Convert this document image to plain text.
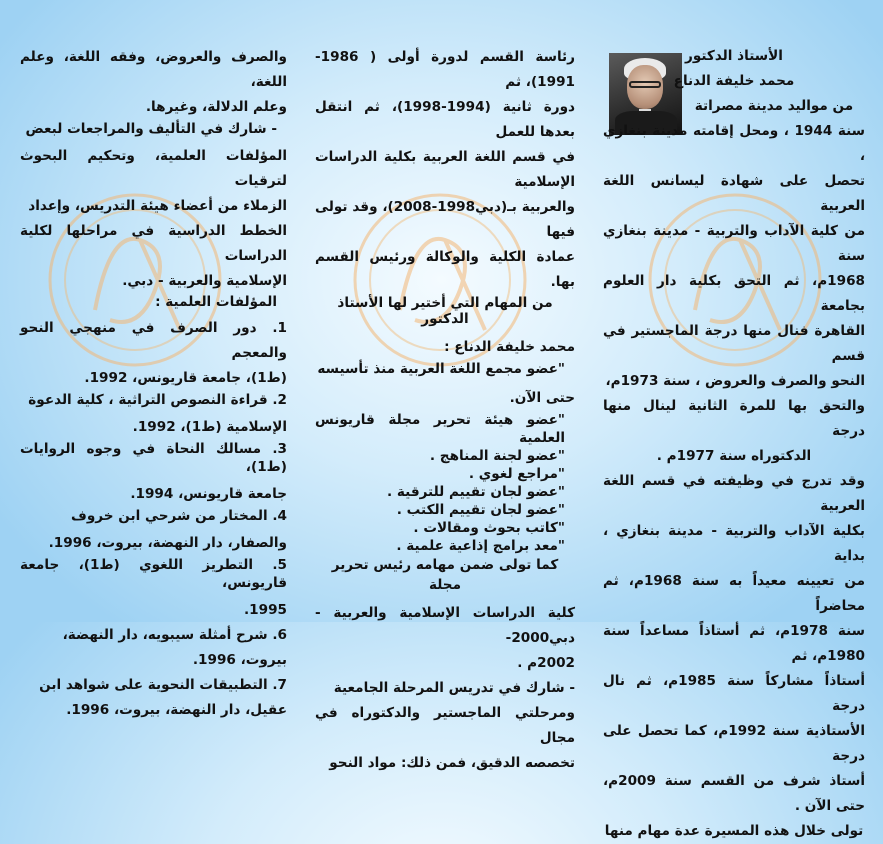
الأستاذ الدكتور

محمد خليفة الدناع

من مواليد مدينة مصراتة

سنة 1944 ، ومحل إقامته مدينة بنغازي ،

تحصل على شهادة ليسانس اللغة العربية

من كلية الآداب والتربية - مدينة بنغازي سنة

1968م، ثم التحق بكلية دار العلوم بجامعة

القاهرة فنال منها درجة الماجستير في قسم

النحو والصرف والعروض ، سنة 1973م،

والتحق بها للمرة الثانية لينال منها درجة

الدكتوراه سنة 1977م .

وقد تدرج في وظيفته في قسم اللغة العربية

بكلية الآداب والتربية - مدينة بنغازي ، بداية

من تعيينه معيداً به سنة 1968م، ثم محاضراً

سنة 1978م، ثم أستاذاً مساعداً سنة 1980م، ثم

أستاذاً مشاركاً سنة 1985م، ثم نال درجة

الأستاذية سنة 1992م، كما تحصل على درجة

أستاذ شرف من القسم سنة 2009م، حتى الآن .

تولى خلال هذه المسيرة عدة مهام منها

رئاسة القسم لدورة أولى ( 1986-1991)، ثم

دورة ثانية (1994-1998)، ثم انتقل بعدها للعمل

في قسم اللغة العربية بكلية الدراسات الإسلامية

والعربية بـ(دبي1998-2008)، وقد تولى فيها

عمادة الكلية والوكالة ورئيس القسم بها.

من المهام التي أختير لها الأستاذ الدكتور

محمد خليفة الدناع :

"عضو مجمع اللغة العربية منذ تأسيسه

حتى الآن.

"عضو هيئة تحرير مجلة قاريونس العلمية

"عضو لجنة المناهج .

"مراجع لغوي .

"عضو لجان تقييم للترقية .

"عضو لجان تقييم الكتب .

"كاتب بحوث ومقالات .

"معد برامج إذاعية علمية .

كما تولى ضمن مهامه رئيس تحرير مجلة

كلية الدراسات الإسلامية والعربية - دبي2000-

2002م .

- شارك في تدريس المرحلة الجامعية

ومرحلتي الماجستير والدكتوراه في مجال

تخصصه الدقيق، فمن ذلك: مواد النحو

والصرف والعروض، وفقه اللغة، وعلم اللغة،

وعلم الدلالة، وغيرها.

- شارك في التأليف والمراجعات لبعض

المؤلفات العلمية، وتحكيم البحوث لترقيات

الزملاء من أعضاء هيئة التدريس، وإعداد

الخطط الدراسية في مراحلها لكلية الدراسات

الإسلامية والعربية - دبي.

المؤلفات العلمية :

1. دور الصرف في منهجي النحو والمعجم

(ط1)، جامعة قاريونس، 1992.

2. قراءة النصوص التراثية ، كلية الدعوة

الإسلامية (ط1)، 1992.

3. مسالك النحاة في وجوه الروايات (ط1)،

جامعة قاريونس، 1994.

4. المختار من شرحي ابن خروف

والصفار، دار النهضة، بيروت، 1996.

5. التطريز اللغوي (ط1)، جامعة قاريونس،

1995.

6. شرح أمثلة سيبويه، دار النهضة،

بيروت، 1996.

7. التطبيقات النحوية على شواهد ابن

عقيل، دار النهضة، بيروت، 1996.
